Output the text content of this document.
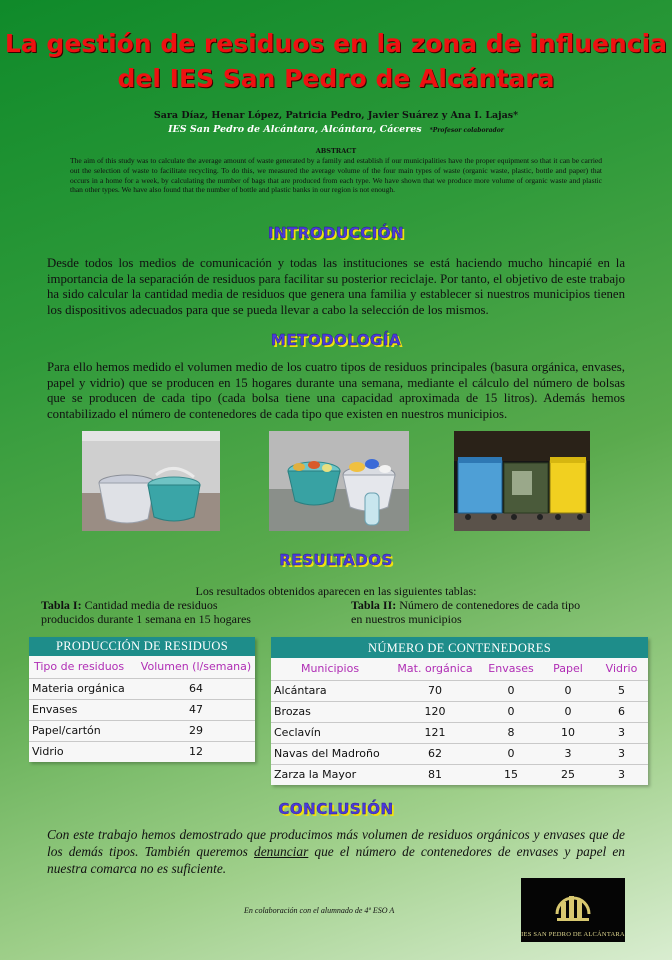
La gestión de residuos en la zona de influencia
del IES San Pedro de Alcántara
Sara Díaz, Henar López, Patricia Pedro, Javier Suárez y Ana I. Lajas*
IES San Pedro de Alcántara, Alcántara, Cáceres *Profesor colaborador
ABSTRACT
The aim of this study was to calculate the average amount of waste generated by a family and establish if our municipalities have the proper equipment so that it can be carried out the selection of waste to facilitate recycling. To do this, we measured the average volume of the four main types of waste (organic waste, plastic, bottle and paper) that occurs in a home for a week, by calculating the number of bags that are produced from each type. We have shown that we produce more volume of organic waste and plastic than other types. We have also found that the number of bottle and plastic banks in our region is not enough.
INTRODUCCIÓN
Desde todos los medios de comunicación y todas las instituciones se está haciendo mucho hincapié en la importancia de la separación de residuos para facilitar su posterior reciclaje. Por tanto, el objetivo de este trabajo ha sido calcular la cantidad media de residuos que genera una familia y establecer si nuestros municipios tienen los dispositivos adecuados para que se pueda llevar a cabo la selección de los mismos.
METODOLOGÍA
Para ello hemos medido el volumen medio de los cuatro tipos de residuos principales (basura orgánica, envases, papel y vidrio) que se producen en 15 hogares durante una semana, mediante el cálculo del número de bolsas que se producen de cada tipo (cada bolsa tiene una capacidad aproximada de 15 litros). Además hemos contabilizado el número de contenedores de cada tipo que existen en nuestros municipios.
RESULTADOS
Los resultados obtenidos aparecen en las siguientes tablas:
Tabla I: Cantidad media de residuos
producidos durante 1 semana en 15 hogares
Tabla II: Número de contenedores de cada tipo
en nuestros municipios
PRODUCCIÓN DE RESIDUOS
Tipo de residuos	Volumen (l/semana)
Materia orgánica	64
Envases	47
Papel/cartón	29
Vidrio	12
NÚMERO DE CONTENEDORES
Municipios	Mat. orgánica	Envases	Papel	Vidrio
Alcántara	70	0	0	5
Brozas	120	0	0	6
Ceclavín	121	8	10	3
Navas del Madroño	62	0	3	3
Zarza la Mayor	81	15	25	3
CONCLUSIÓN
Con este trabajo hemos demostrado que producimos más volumen de residuos orgánicos y envases que de los demás tipos. También queremos denunciar que el número de contenedores de envases y papel en nuestra comarca no es suficiente.
En colaboración con el alumnado de 4º ESO A
IES SAN PEDRO DE ALCÁNTARA
